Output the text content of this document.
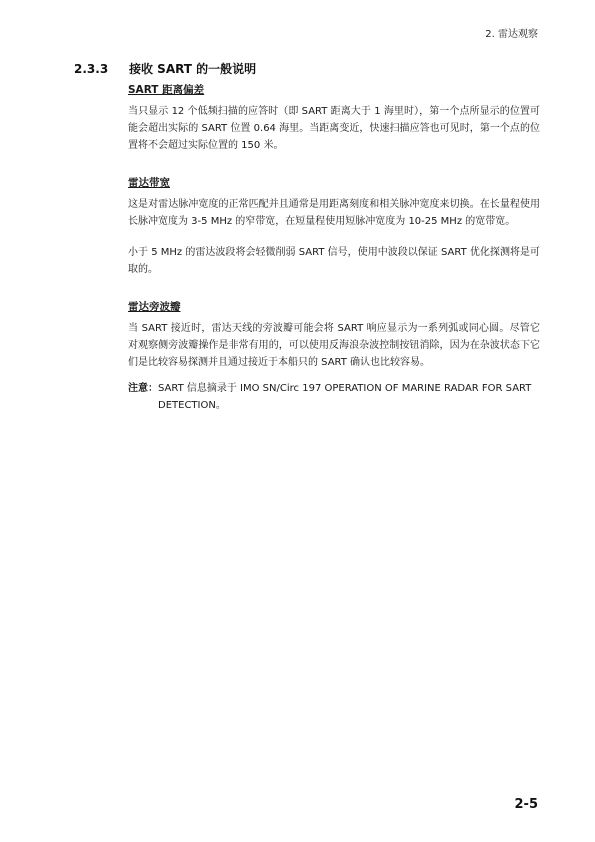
2. 雷达观察
2.3.3 接收 SART 的一般说明
SART 距离偏差

当只显示 12 个低频扫描的应答时（即 SART 距离大于 1 海里时），第一个点所显示的位置可能会超出实际的 SART 位置 0.64 海里。当距离变近，快速扫描应答也可见时，第一个点的位置将不会超过实际位置的 150 米。

雷达带宽

这是对雷达脉冲宽度的正常匹配并且通常是用距离刻度和相关脉冲宽度来切换。在长量程使用长脉冲宽度为 3-5 MHz 的窄带宽，在短量程使用短脉冲宽度为 10-25 MHz 的宽带宽。

小于 5 MHz 的雷达波段将会轻微削弱 SART 信号，使用中波段以保证 SART 优化探测将是可取的。

雷达旁波瓣

当 SART 接近时，雷达天线的旁波瓣可能会将 SART 响应显示为一系列弧或同心圆。尽管它对观察侧旁波瓣操作是非常有用的，可以使用反海浪杂波控制按钮消除，因为在杂波状态下它们是比较容易探测并且通过接近于本船只的 SART 确认也比较容易。

注意： SART 信息摘录于 IMO SN/Circ 197 OPERATION OF MARINE RADAR FOR SART DETECTION。
2-5
